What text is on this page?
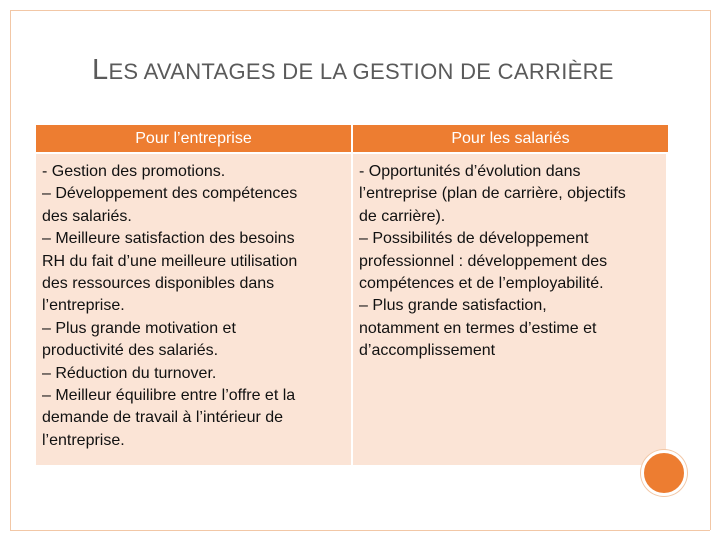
LES AVANTAGES DE LA GESTION DE CARRIÈRE
Pour l’entreprise
- Gestion des promotions.
– Développement des compétences
des salariés.
– Meilleure satisfaction des besoins
RH du fait d’une meilleure utilisation
des ressources disponibles dans
l’entreprise.
– Plus grande motivation et
productivité des salariés.
– Réduction du turnover.
– Meilleur équilibre entre l’offre et la
demande de travail à l’intérieur de
l’entreprise.
Pour les salariés
- Opportunités d’évolution dans
l’entreprise (plan de carrière, objectifs
de carrière).
– Possibilités de développement
professionnel : développement des
compétences et de l’employabilité.
– Plus grande satisfaction,
notamment en termes d’estime et
d’accomplissement
